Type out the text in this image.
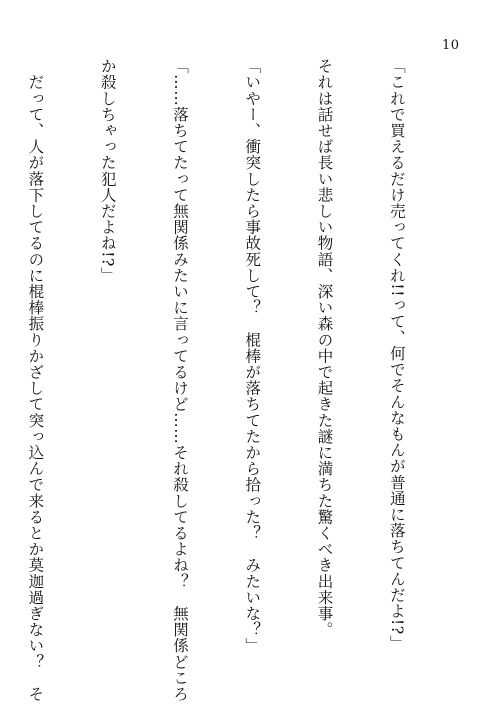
10

「これで買えるだけ売ってくれ!!って、何でそんなもんが普通に落ちてんだよ!?」

それは話せば長い悲しい物語、深い森の中で起きた謎に満ちた驚くべき出来事。

「いやー、衝突したら事故死して？　棍棒が落ちてたから拾った？　みたいな？」

「……落ちてたって無関係みたいに言ってるけど……それ殺してるよね？　無関係どころ

か殺しちゃった犯人だよね!?」

　だって、人が落下してるのに棍棒振りかざして突っ込んで来るとか莫迦過ぎない？　そ
